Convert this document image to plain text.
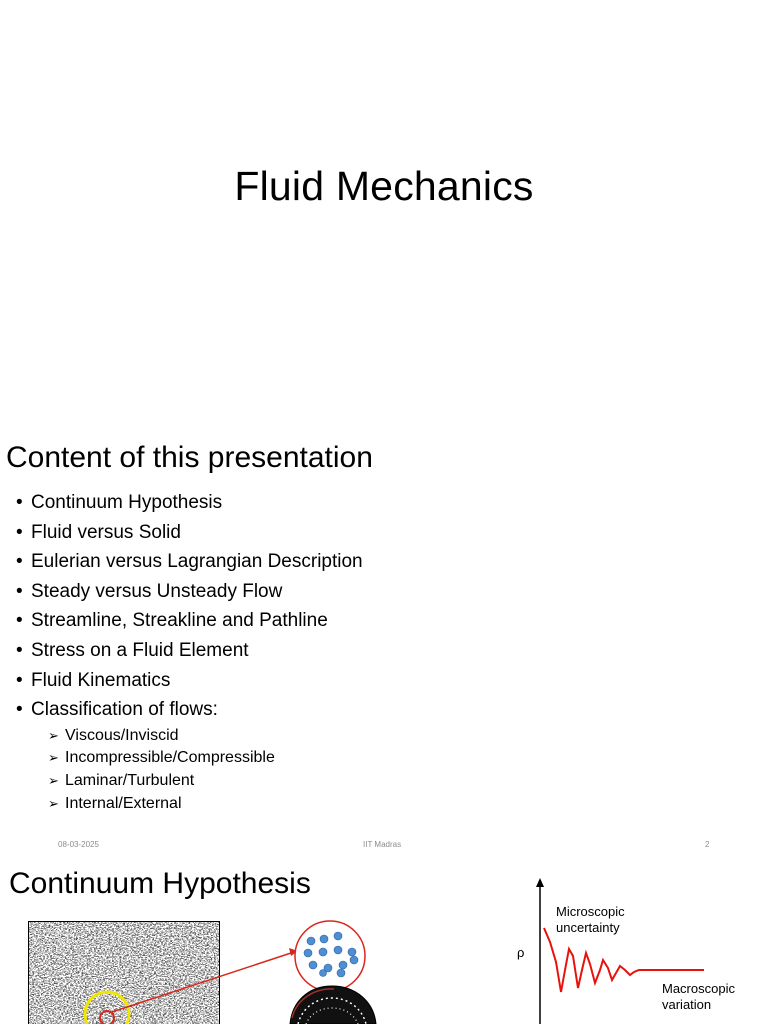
Fluid Mechanics
Content of this presentation
• Continuum Hypothesis
• Fluid versus Solid
• Eulerian versus Lagrangian Description
• Steady versus Unsteady Flow
• Streamline, Streakline and Pathline
• Stress on a Fluid Element
• Fluid Kinematics
• Classification of flows:
➢ Viscous/Inviscid
➢ Incompressible/Compressible
➢ Laminar/Turbulent
➢ Internal/External
08-03-2025	IIT Madras	2
Continuum Hypothesis
ρ
Microscopic
uncertainty
Macroscopic
variation
